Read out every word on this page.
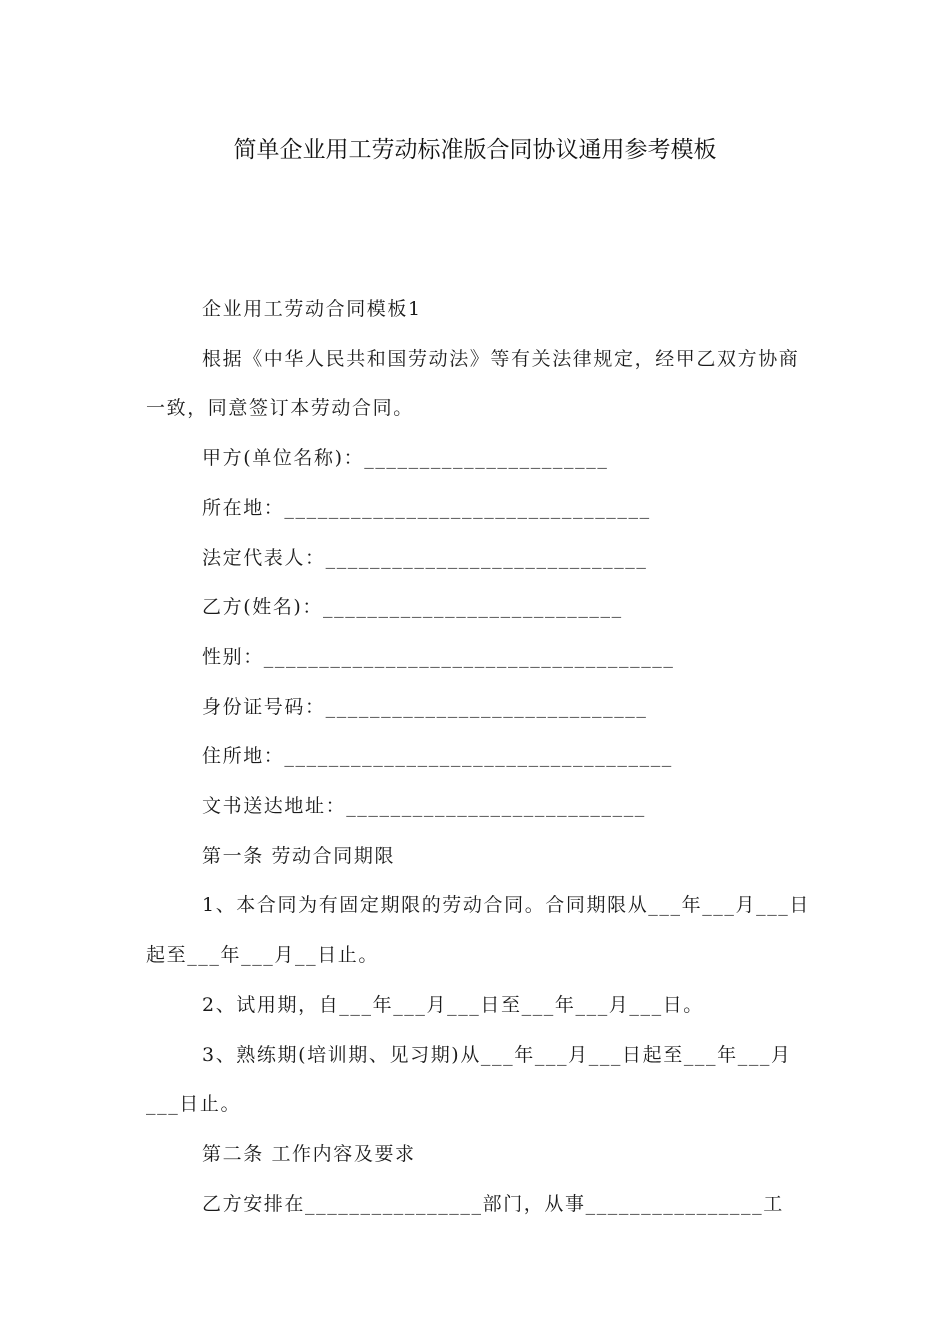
简单企业用工劳动标准版合同协议通用参考模板

企业用工劳动合同模板1

根据《中华人民共和国劳动法》等有关法律规定，经甲乙双方协商一致，同意签订本劳动合同。

甲方(单位名称)：______________________

所在地：_________________________________

法定代表人：_____________________________

乙方(姓名)：___________________________

性别：_____________________________________

身份证号码：_____________________________

住所地：___________________________________

文书送达地址：___________________________

第一条 劳动合同期限

1、本合同为有固定期限的劳动合同。合同期限从___年___月___日起至___年___月__日止。

2、试用期，自___年___月___日至___年___月___日。

3、熟练期(培训期、见习期)从___年___月___日起至___年___月___日止。

第二条 工作内容及要求

乙方安排在________________部门，从事________________工
